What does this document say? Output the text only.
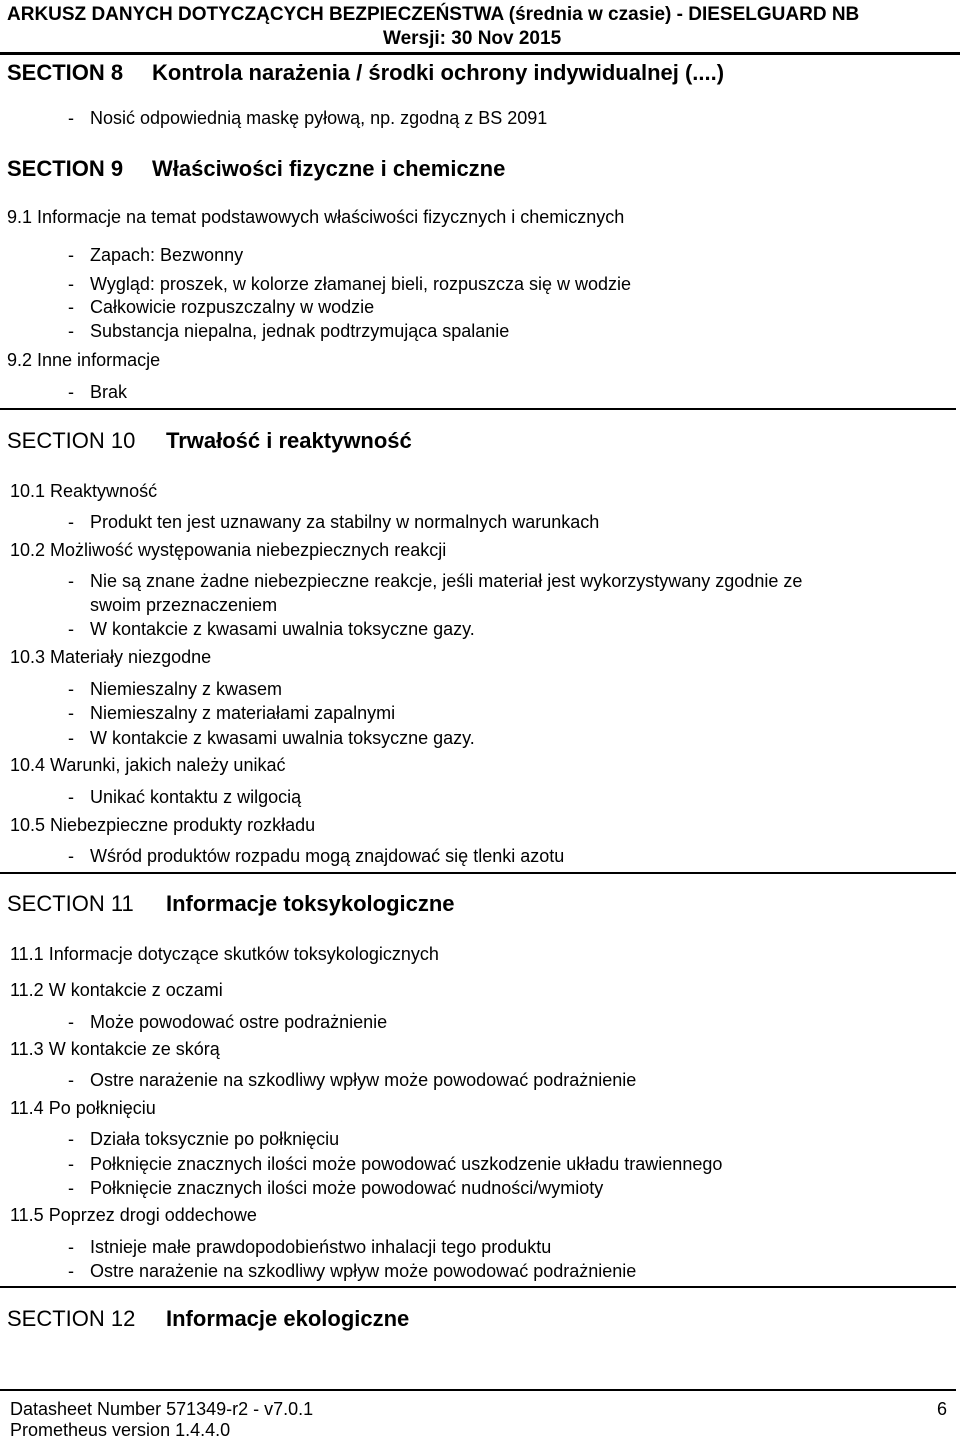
ARKUSZ DANYCH DOTYCZĄCYCH BEZPIECZEŃSTWA (średnia w czasie) - DIESELGUARD NB
Wersji: 30 Nov 2015
SECTION 8 Kontrola narażenia / środki ochrony indywidualnej (....)
- Nosić odpowiednią maskę pyłową, np. zgodną z BS 2091
SECTION 9 Właściwości fizyczne i chemiczne
9.1 Informacje na temat podstawowych właściwości fizycznych i chemicznych
- Zapach: Bezwonny
- Wygląd: proszek, w kolorze złamanej bieli, rozpuszcza się w wodzie
- Całkowicie rozpuszczalny w wodzie
- Substancja niepalna, jednak podtrzymująca spalanie
9.2 Inne informacje
- Brak
SECTION 10 Trwałość i reaktywność
10.1 Reaktywność
- Produkt ten jest uznawany za stabilny w normalnych warunkach
10.2 Możliwość występowania niebezpiecznych reakcji
- Nie są znane żadne niebezpieczne reakcje, jeśli materiał jest wykorzystywany zgodnie ze
swoim przeznaczeniem
- W kontakcie z kwasami uwalnia toksyczne gazy.
10.3 Materiały niezgodne
- Niemieszalny z kwasem
- Niemieszalny z materiałami zapalnymi
- W kontakcie z kwasami uwalnia toksyczne gazy.
10.4 Warunki, jakich należy unikać
- Unikać kontaktu z wilgocią
10.5 Niebezpieczne produkty rozkładu
- Wśród produktów rozpadu mogą znajdować się tlenki azotu
SECTION 11 Informacje toksykologiczne
11.1 Informacje dotyczące skutków toksykologicznych
11.2 W kontakcie z oczami
- Może powodować ostre podrażnienie
11.3 W kontakcie ze skórą
- Ostre narażenie na szkodliwy wpływ może powodować podrażnienie
11.4 Po połknięciu
- Działa toksycznie po połknięciu
- Połknięcie znacznych ilości może powodować uszkodzenie układu trawiennego
- Połknięcie znacznych ilości może powodować nudności/wymioty
11.5 Poprzez drogi oddechowe
- Istnieje małe prawdopodobieństwo inhalacji tego produktu
- Ostre narażenie na szkodliwy wpływ może powodować podrażnienie
SECTION 12 Informacje ekologiczne
Datasheet Number 571349-r2 - v7.0.1	6
Prometheus version 1.4.4.0
